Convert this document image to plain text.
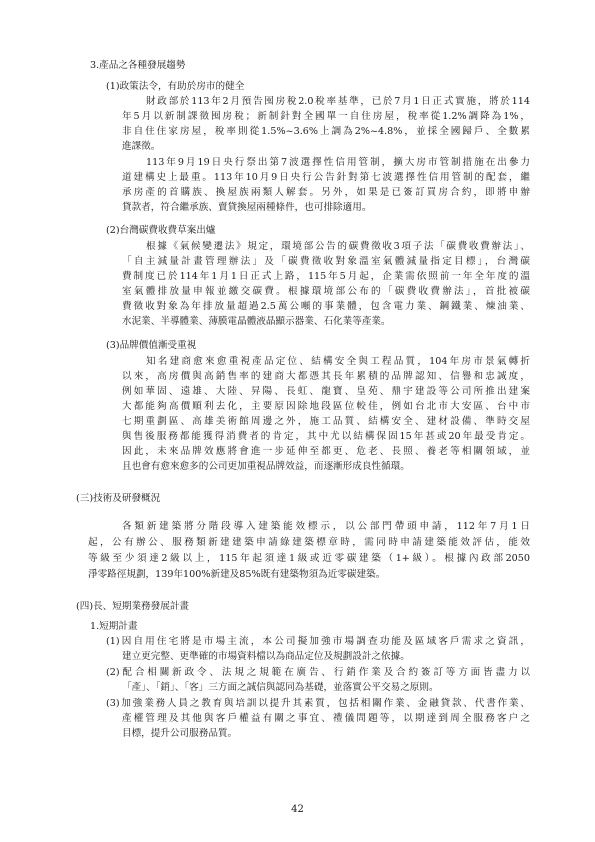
3.產品之各種發展趨勢
(1)政策法令，有助於房市的健全
財政部於113年2月預告囤房稅2.0稅率基準，已於7月1日正式實施，將於114
年5月以新制課徵囤房稅；新制針對全國單一自住房屋，稅率從1.2%調降為1%，
非自住住家房屋，稅率則從1.5%~3.6%上調為2%~4.8%，並採全國歸戶、全數累
進課徵。
113年9月19日央行祭出第7波選擇性信用管制，擴大房市管制措施在出參力
道建構史上最重。113年10月9日央行公告針對第七波選擇性信用管制的配套，繼
承房產的首購族、換屋族兩類人解套。另外，如果是已簽訂買房合約，即將申辦
貸款者，符合繼承族、賣貸換屋兩種條件，也可排除適用。
(2)台灣碳費收費草案出爐
根據《氣候變遷法》規定，環境部公告的碳費徵收3項子法「碳費收費辦法」、
「自主減量計畫管理辦法」及「碳費徵收對象溫室氣體減量指定目標」，台灣碳
費制度已於114年1月1日正式上路，115年5月起，企業需依照前一年全年度的溫
室氣體排放量申報並繳交碳費。根據環境部公布的「碳費收費辦法」，首批被碳
費徵收對象為年排放量超過2.5萬公噸的事業體，包含電力業、鋼鐵業、煉油業、
水泥業、半導體業、薄膜電晶體液晶顯示器業、石化業等產業。
(3)品牌價值漸受重視
知名建商愈來愈重視產品定位、結構安全與工程品質，104年房市景氣轉折
以來，高房價與高銷售率的建商大都憑其長年累積的品牌認知、信譽和忠誠度，
例如華固、遠雄、大陸、昇陽、長虹、龍寶、皇苑、鼎宇建設等公司所推出建案
大都能夠高價順利去化，主要原因除地段區位較佳，例如台北市大安區、台中市
七期重劃區、高雄美術館周邊之外，施工品質、結構安全、建材設備、準時交屋
與售後服務都能獲得消費者的肯定，其中尤以結構保固15年甚或20年最受肯定。
因此，未來品牌效應將會進一步延伸至都更、危老、長照、養老等相關領域，並
且也會有愈來愈多的公司更加重視品牌效益，而逐漸形成良性循環。
(三)技術及研發概況
各類新建築將分階段導入建築能效標示，以公部門帶頭申請，112年7月1日
起，公有辦公、服務類新建建築申請綠建築標章時，需同時申請建築能效評估，能效
等級至少須達2級以上，115年起須達1級或近零碳建築（1+級）。根據內政部2050
淨零路徑規劃，139年100%新建及85%既有建築物須為近零碳建築。
(四)長、短期業務發展計畫
1.短期計畫
(1)因自用住宅將是市場主流，本公司擬加強市場調查功能及區域客戶需求之資訊，
建立更完整、更準確的市場資料檔以為商品定位及規劃設計之依據。
(2)配合相關新政令、法規之規範在廣告、行銷作業及合約簽訂等方面皆盡力以
「產」、「銷」、「客」三方面之誠信與認同為基礎，並落實公平交易之原則。
(3)加強業務人員之教育與培訓以提升其素質，包括相關作業、金融貸款、代書作業、
產權管理及其他與客戶權益有關之事宜、禮儀問題等，以期達到周全服務客户之
目標，提升公司服務品質。
42
